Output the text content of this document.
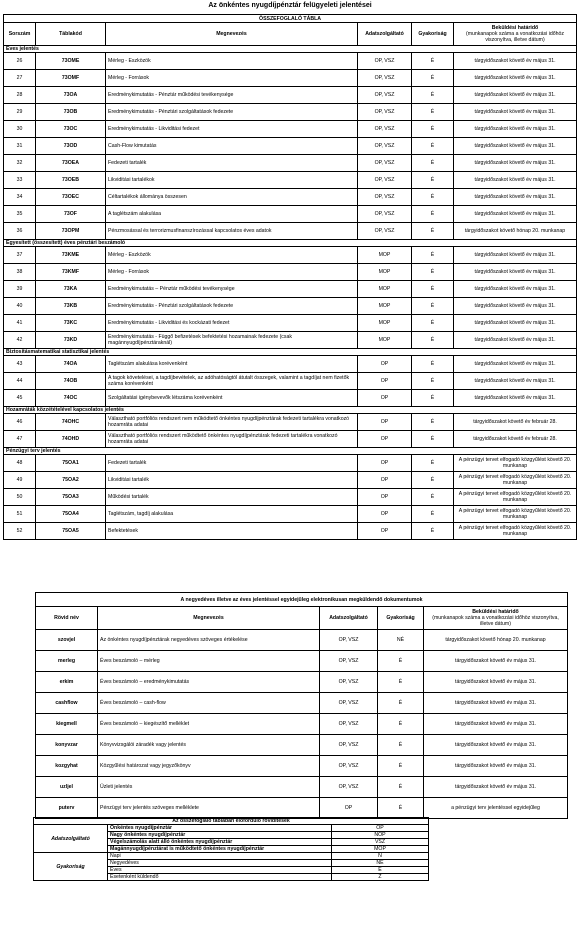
Az önkéntes nyugdíjpénztár felügyeleti jelentései
ÖSSZEFOGLALÓ TÁBLA					
Sorszám	Táblakód	Megnevezés	Adatszolgáltató	Gyakoriság	Beküldési határidő
(munkanapok száma a vonatkozási időhöz viszonyítva, illetve dátum)
Éves jelentés					
26	73OME	Mérleg - Eszközök	OP, VSZ	É	tárgyidőszakot követő év május 31.
27	73OMF	Mérleg - Források	OP, VSZ	É	tárgyidőszakot követő év május 31.
28	73OA	Eredménykimutatás - Pénztár működési tevékenysége	OP, VSZ	É	tárgyidőszakot követő év május 31.
29	73OB	Eredménykimutatás - Pénztári szolgáltatások fedezete	OP, VSZ	É	tárgyidőszakot követő év május 31.
30	73OC	Eredménykimutatás - Likviditási fedezet	OP, VSZ	É	tárgyidőszakot követő év május 31.
31	73OD	Cash-Flow kimutatás	OP, VSZ	É	tárgyidőszakot követő év május 31.
32	73OEA	Fedezeti tartalék	OP, VSZ	É	tárgyidőszakot követő év május 31.
33	73OEB	Likviditási tartalékok	OP, VSZ	É	tárgyidőszakot követő év május 31.
34	73OEC	Céltartalékok állománya összesen	OP, VSZ	É	tárgyidőszakot követő év május 31.
35	73OF	A taglétszám alakulása	OP, VSZ	É	tárgyidőszakot követő év május 31.
36	73OPM	Pénzmosással és terrorizmusfinanszírozással kapcsolatos éves adatok	OP, VSZ	É	tárgyidőszakot követő hónap 20. munkanap
Egyesített (összesített) éves pénztári beszámoló					
37	73KME	Mérleg - Eszközök	MOP	É	tárgyidőszakot követő év május 31.
38	73KMF	Mérleg - Források	MOP	É	tárgyidőszakot követő év május 31.
39	73KA	Eredménykimutatás – Pénztár működési tevékenysége	MOP	É	tárgyidőszakot követő év május 31.
40	73KB	Eredménykimutatás - Pénztári szolgáltatások fedezete	MOP	É	tárgyidőszakot követő év május 31.
41	73KC	Eredménykimutatás - Likviditási és kockázati fedezet	MOP	É	tárgyidőszakot követő év május 31.
42	73KD	Eredménykimutatás - Függő befizetések befektetési hozamainak fedezete (csak magánnyugdíjpénztáraknál)	MOP	É	tárgyidőszakot követő év május 31.
Biztosításmatematikai statisztikai jelentés					
43	74OA	Taglétszám alakulása korévenként	OP	É	tárgyidőszakot követő év május 31.
44	74OB	A tagok követelései, a tagdíjbevételek, az adóhatóságtól átutalt összegek, valamint a tagdíjat nem fizetők száma korévenként	OP	É	tárgyidőszakot követő év május 31.
45	74OC	Szolgáltatási igénybevevők létszáma korévenként	OP	É	tárgyidőszakot követő év május 31.
Hozamráták közzétételével kapcsolatos jelentés					
46	74OHC	Választható portfóliós rendszert nem működtető önkéntes nyugdíjpénztárak fedezeti tartalékra vonatkozó hozamráta adatai	OP	É	tárgyidőszakot követő év február 28.
47	74OHD	Választható portfóliós rendszert működtető önkéntes nyugdíjpénztárak fedezeti tartalékra vonatkozó hozamráta adatai	OP	É	tárgyidőszakot követő év február 28.
Pénzügyi terv jelentés					
48	75OA1	Fedezeti tartalék	OP	É	A pénzügyi tervet elfogadó közgyűlést követő 20. munkanap
49	75OA2	Likviditási tartalék	OP	É	A pénzügyi tervet elfogadó közgyűlést követő 20. munkanap
50	75OA3	Működési tartalék	OP	É	A pénzügyi tervet elfogadó közgyűlést követő 20. munkanap
51	75OA4	Taglétszám, tagdíj alakulása	OP	É	A pénzügyi tervet elfogadó közgyűlést követő 20. munkanap
52	75OA5	Befektetések	OP	É	A pénzügyi tervet elfogadó közgyűlést követő 20. munkanap
A negyedéves illetve az éves jelentéssel egyidejűleg elektronikusan megküldendő dokumentumok				
Rövid név	Megnevezés	Adatszolgáltató	Gyakoriság	Beküldési határidő
(munkanapok száma a vonatkozási időhöz viszonyítva, illetve dátum)
szovjel	Az önkéntes nyugdíjpénztárak negyedéves szöveges értékelése	OP, VSZ	NÉ	tárgyidőszakot követő hónap 20. munkanap
merleg	Éves beszámoló – mérleg	OP, VSZ	É	tárgyidőszakot követő év május 31.
erkim	Éves beszámoló – eredménykimutatás	OP, VSZ	É	tárgyidőszakot követő év május 31.
cashflow	Éves beszámoló – cash-flow	OP, VSZ	É	tárgyidőszakot követő év május 31.
kiegmell	Éves beszámoló – kiegészítő melléklet	OP, VSZ	É	tárgyidőszakot követő év május 31.
konyvzar	Könyvvizsgálói záradék vagy jelentés	OP, VSZ	É	tárgyidőszakot követő év május 31.
kozgyhat	Közgyűlési határozat vagy jegyzőkönyv	OP, VSZ	É	tárgyidőszakot követő év május 31.
uzljel	Üzleti jelentés	OP, VSZ	É	tárgyidőszakot követő év május 31.
puterv	Pénzügyi terv jelentés szöveges melléklete	OP	É	a pénzügyi terv jelentéssel egyidejűleg
Az összefoglaló táblában előforduló rövidítések		
Adatszolgáltató	Önkéntes nyugdíjpénztár	OP
	Nagy önkéntes nyugdíjpénztár	NOP
	Végelszámolás alatt álló önkéntes nyugdíjpénztár	VSZ
	Magánnyugdíjpénztárat is működtető önkéntes nyugdíjpénztár	MOP
Gyakoriság	Napi	N
	Negyedéves	NÉ
	Éves	É
	Esetenként küldendő	Z
